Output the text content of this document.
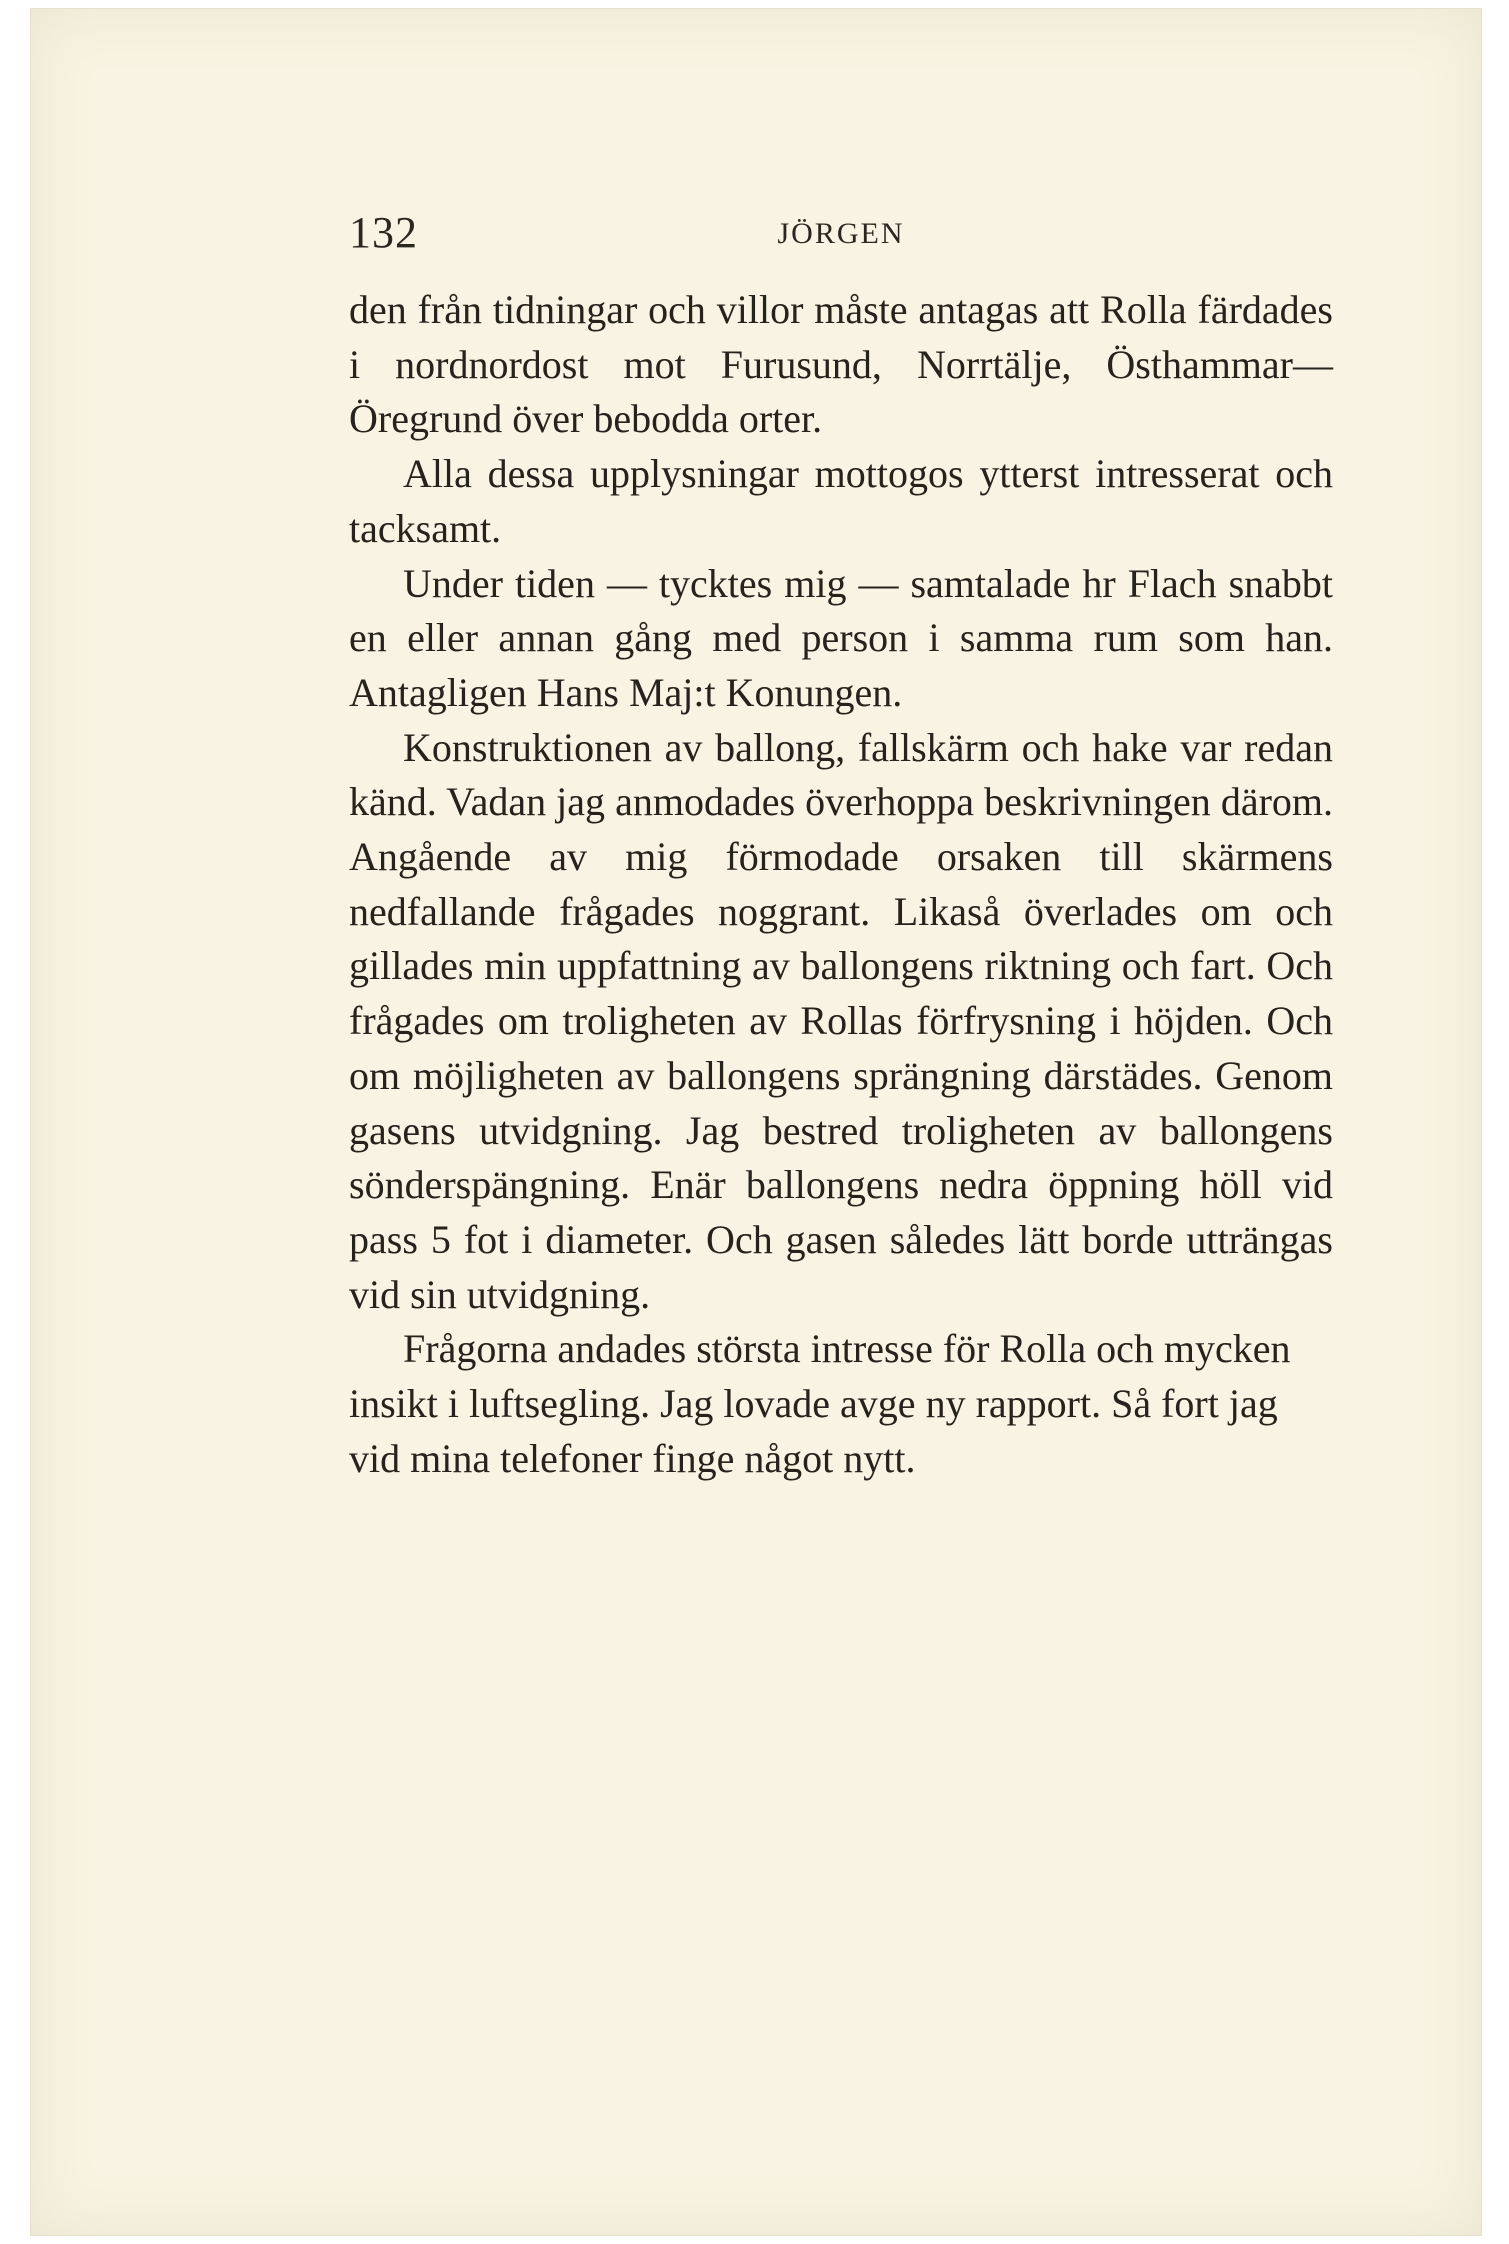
132	JÖRGEN

den från tidningar och villor måste antagas att Rolla färdades i nordnordost mot Furusund, Norrtälje, Östhammar—Öregrund över bebodda orter.

Alla dessa upplysningar mottogos ytterst intresserat och tacksamt.

Under tiden — tycktes mig — samtalade hr Flach snabbt en eller annan gång med person i samma rum som han. Antagligen Hans Maj:t Konungen.

Konstruktionen av ballong, fallskärm och hake var redan känd. Vadan jag anmodades överhoppa beskrivningen därom. Angående av mig förmodade orsaken till skärmens nedfallande frågades noggrant. Likaså överlades om och gillades min uppfattning av ballongens riktning och fart. Och frågades om troligheten av Rollas förfrysning i höjden. Och om möjligheten av ballongens sprängning därstädes. Genom gasens utvidgning. Jag bestred troligheten av ballongens sönderspängning. Enär ballongens nedra öppning höll vid pass 5 fot i diameter. Och gasen således lätt borde utträngas vid sin utvidgning.

Frågorna andades största intresse för Rolla och mycken insikt i luftsegling. Jag lovade avge ny rapport. Så fort jag vid mina telefoner finge något nytt.
